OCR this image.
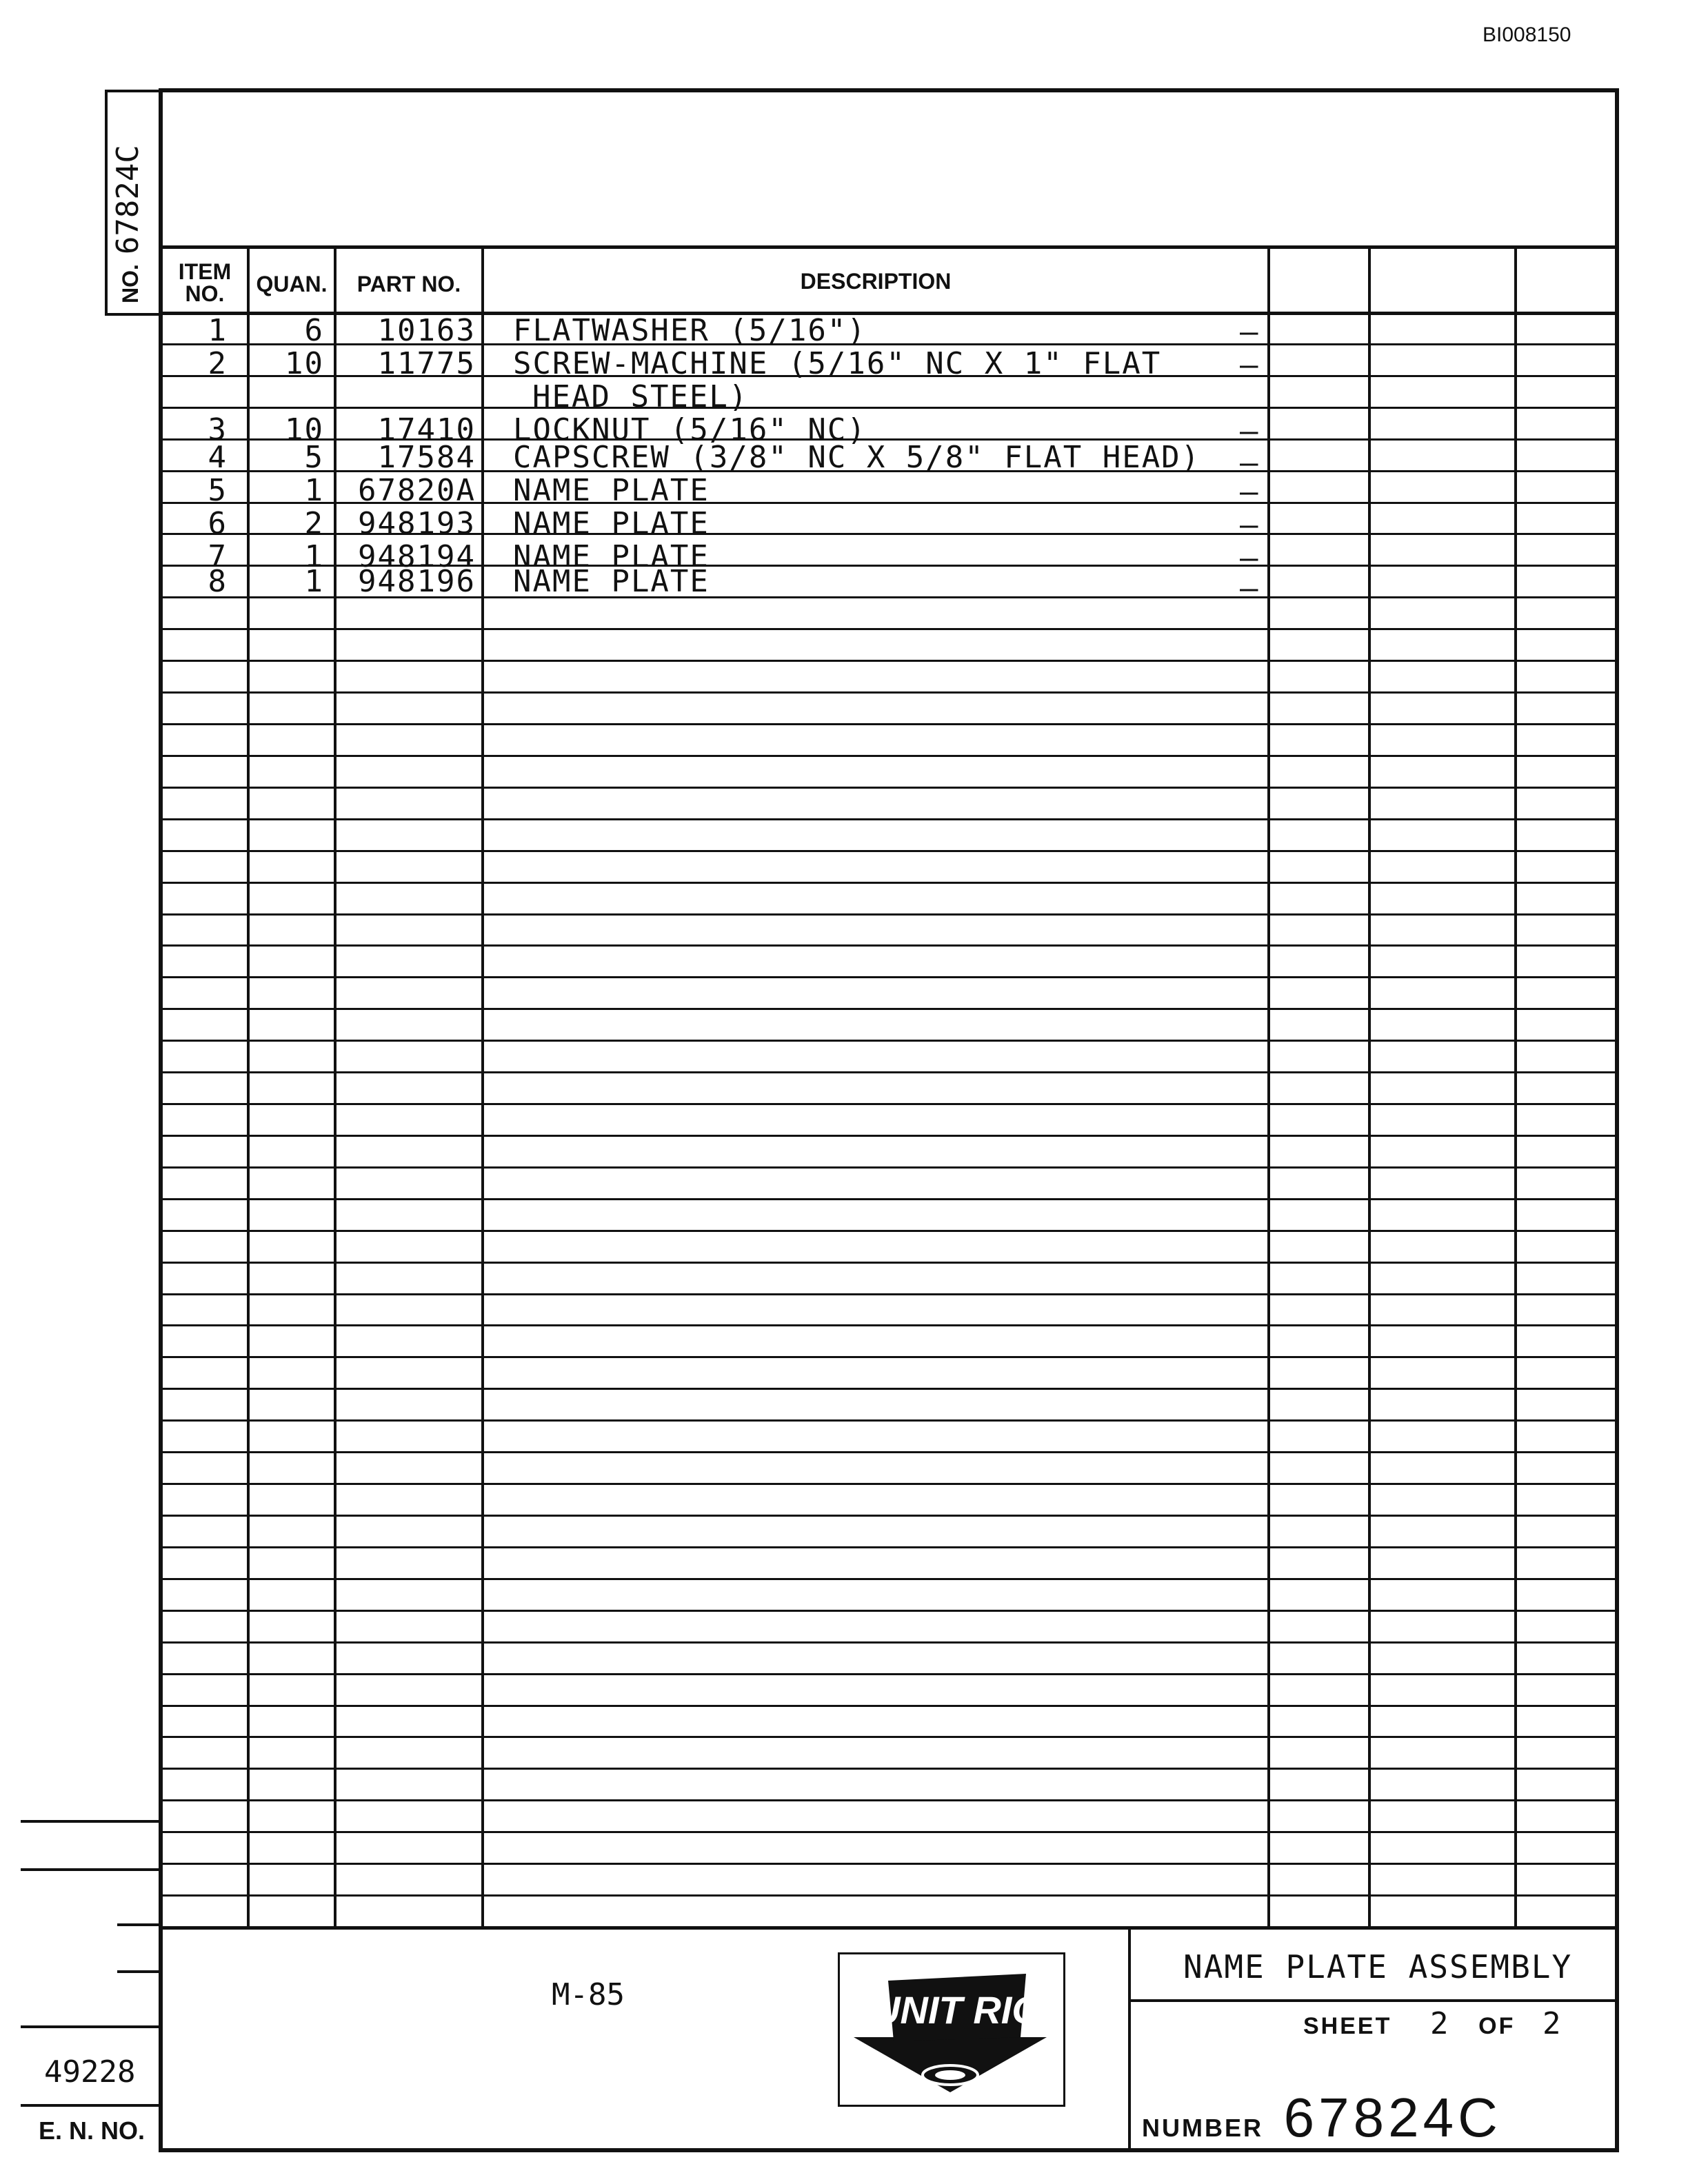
BI008150
NO.67824C
ITEM
NO.	QUAN.	PART NO.	DESCRIPTION
1	6	10163 FLATWASHER (5/16")	—
2	10	11775 SCREW-MACHINE (5/16" NC X 1" FLAT
HEAD STEEL)
—
3	10	17410 LOCKNUT (5/16" NC)	—
4	5	17584 CAPSCREW (3/8" NC X 5/8" FLAT HEAD) —
5	1	67820A NAME PLATE	—
6	2	948193 NAME PLATE	—
7	1	948194 NAME PLATE	—
8	1	948196 NAME PLATE	—
M-85	UNIT RIG
NAME PLATE ASSEMBLY
SHEET 2 OF 2
NUMBER 67824C
49228
E. N. NO.
